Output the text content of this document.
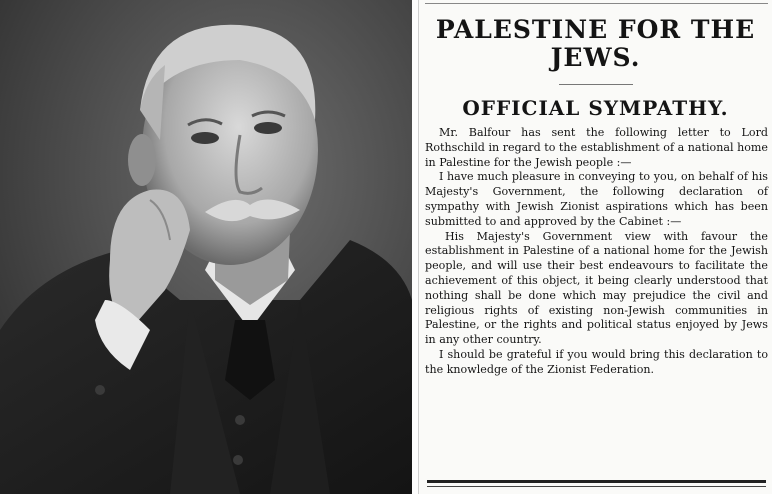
PALESTINE FOR THE
JEWS.
OFFICIAL SYMPATHY.

Mr. Balfour has sent the following letter to Lord Rothschild in regard to the establishment of a national home in Palestine for the Jewish people :—

I have much pleasure in conveying to you, on behalf of his Majesty's Government, the following declaration of sympathy with Jewish Zionist aspirations which has been submitted to and approved by the Cabinet :—

His Majesty's Government view with favour the establishment in Palestine of a national home for the Jewish people, and will use their best endeavours to facilitate the achievement of this object, it being clearly understood that nothing shall be done which may prejudice the civil and religious rights of existing non-Jewish communities in Palestine, or the rights and political status enjoyed by Jews in any other country.

I should be grateful if you would bring this declaration to the knowledge of the Zionist Federation.
